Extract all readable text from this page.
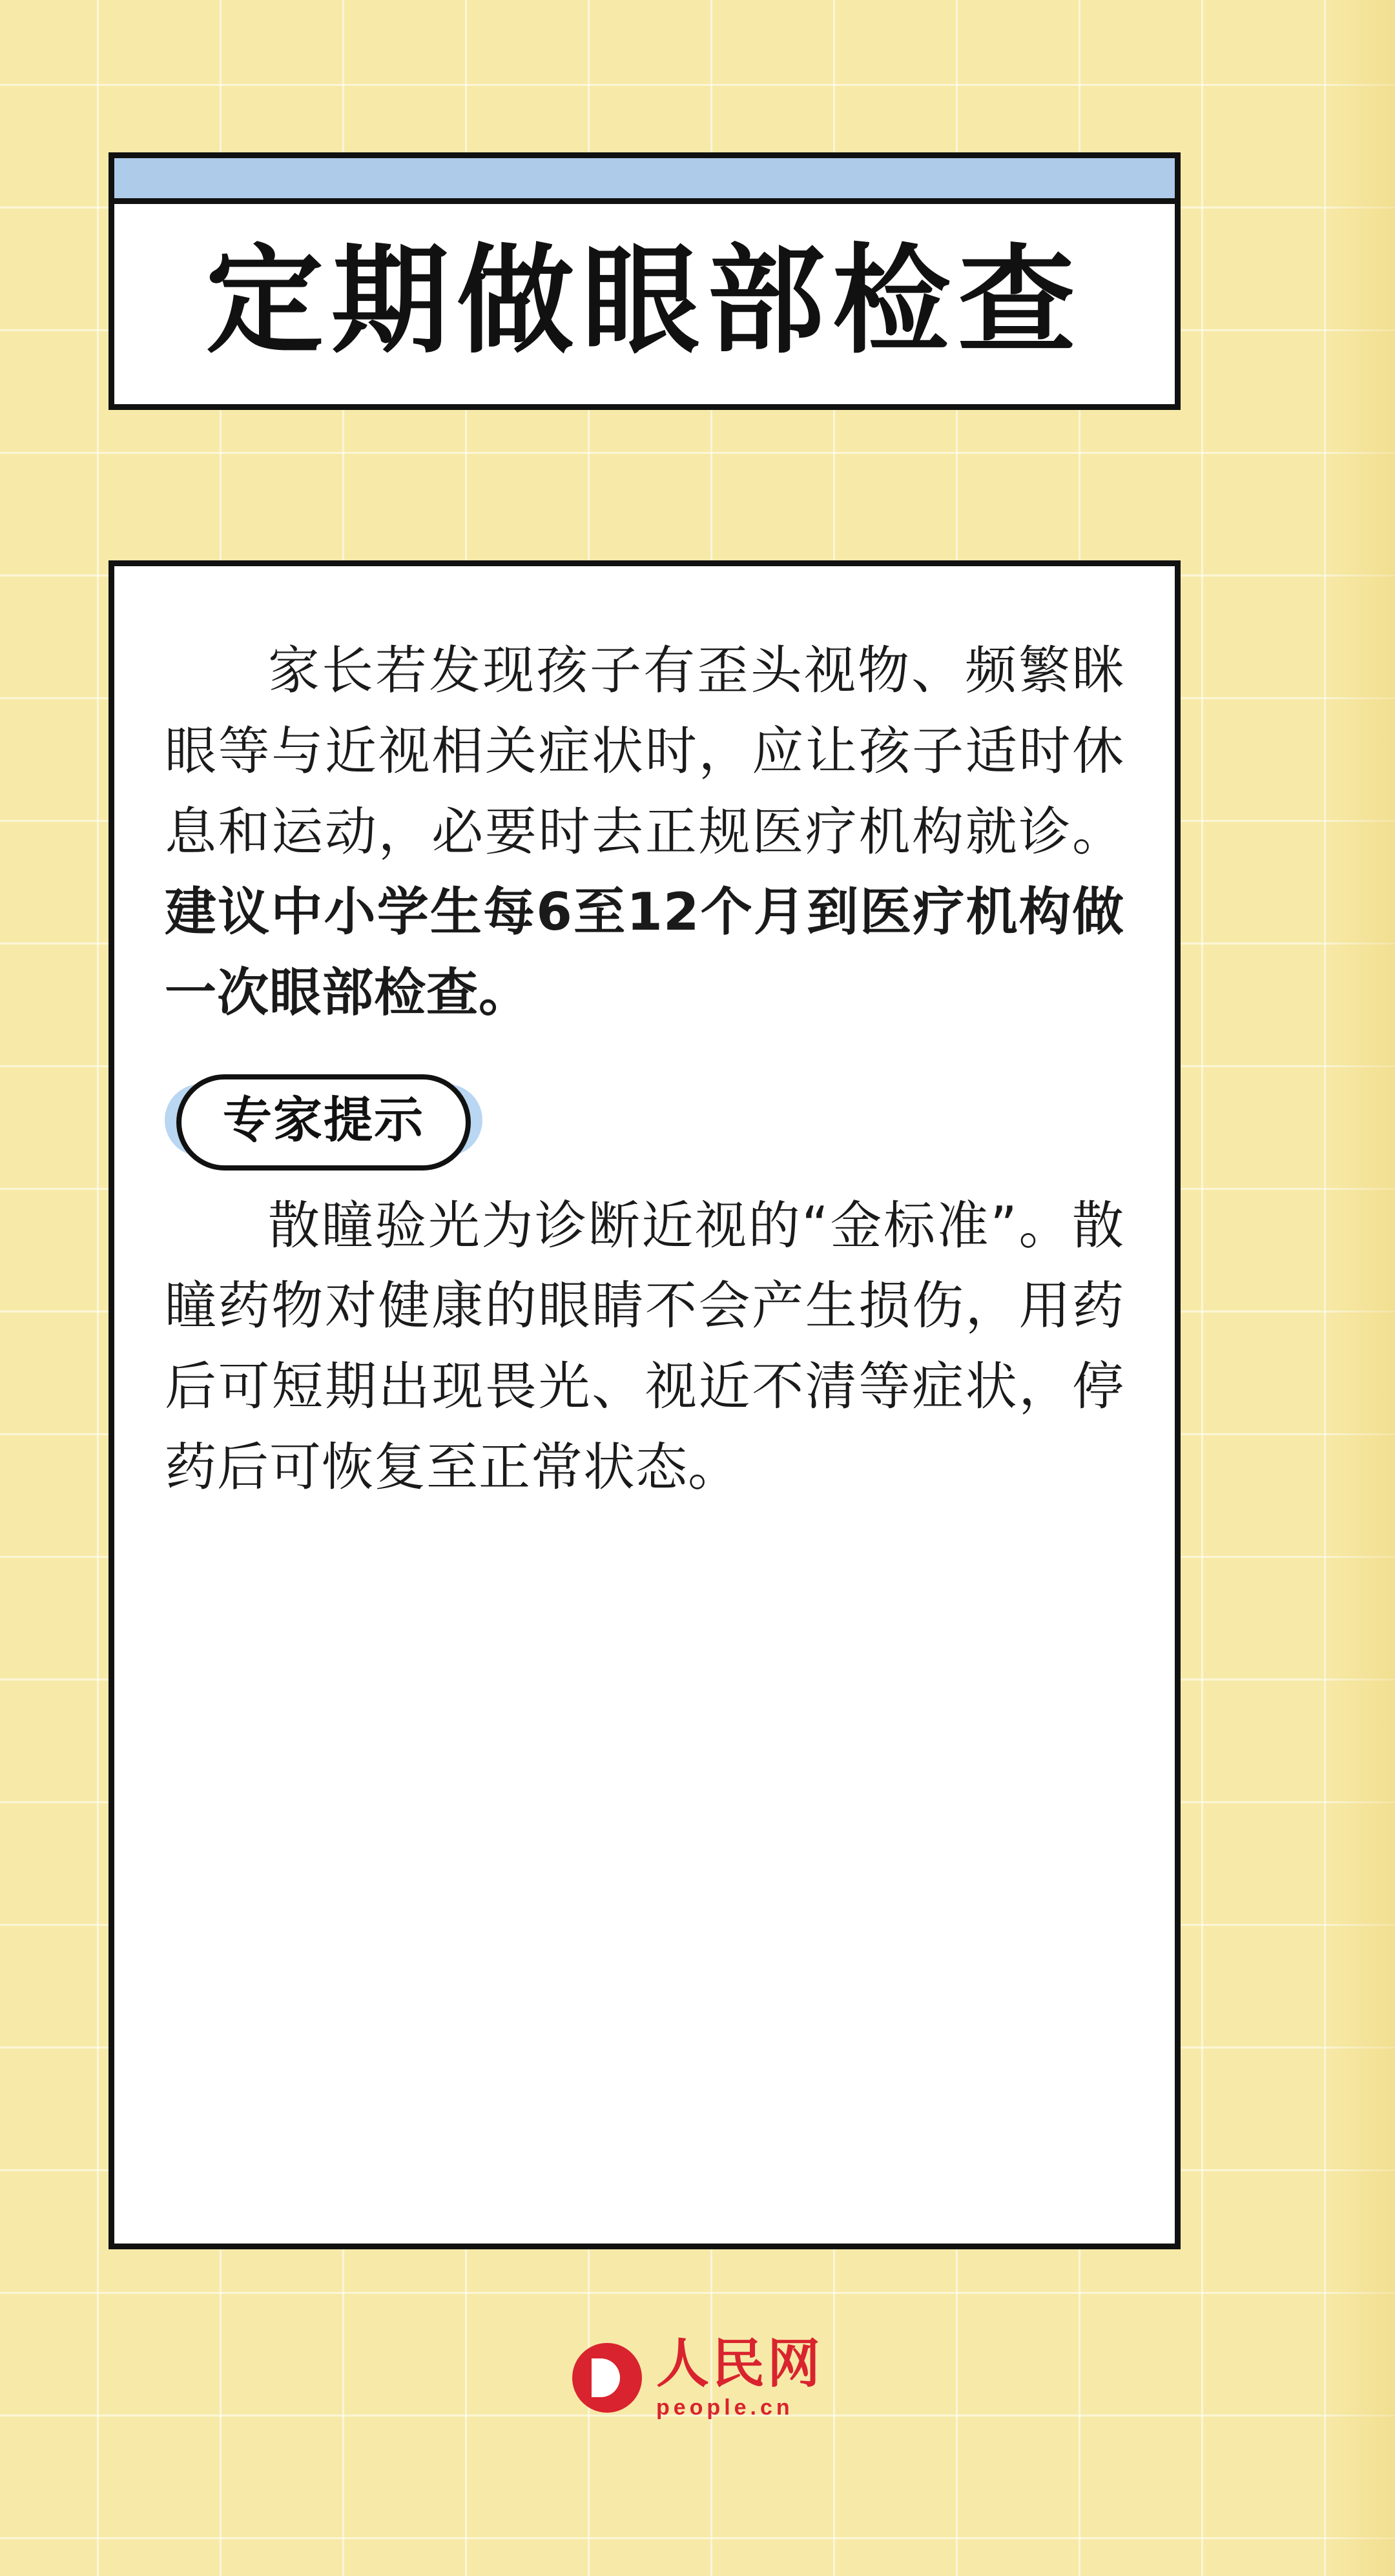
定期做眼部检查

家长若发现孩子有歪头视物、频繁眯眼等与近视相关症状时，应让孩子适时休息和运动，必要时去正规医疗机构就诊。建议中小学生每6至12个月到医疗机构做一次眼部检查。

专家提示

散瞳验光为诊断近视的“金标准”。散瞳药物对健康的眼睛不会产生损伤，用药后可短期出现畏光、视近不清等症状，停药后可恢复至正常状态。

人民网
people.cn
